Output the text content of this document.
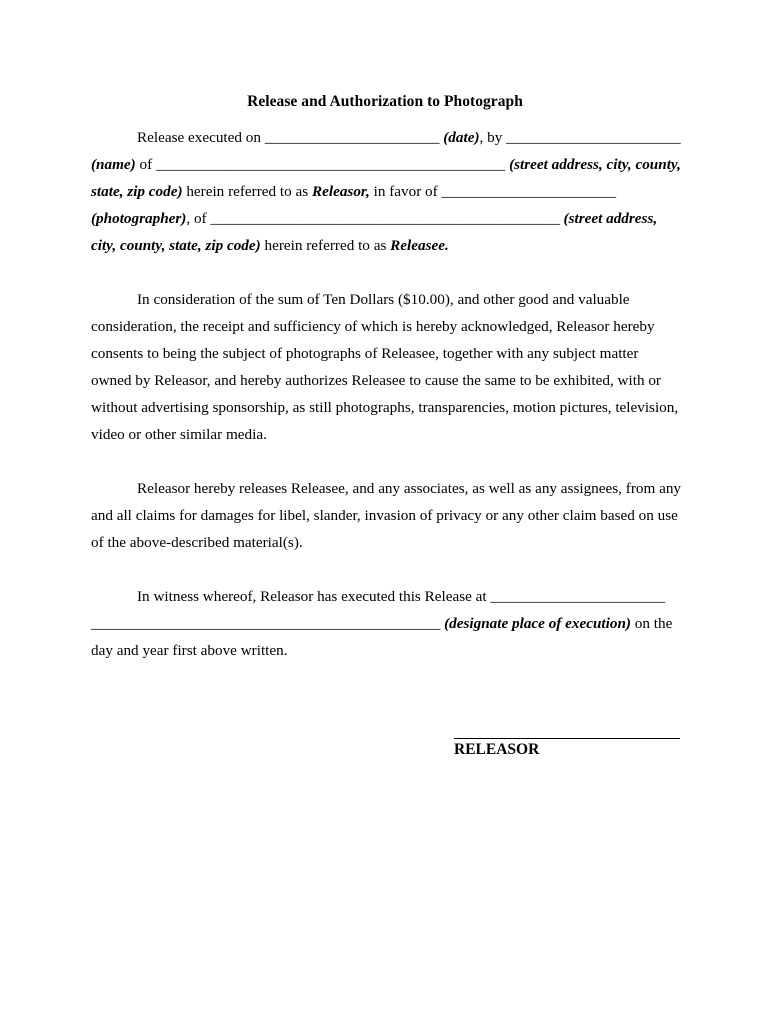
Release and Authorization to Photograph
Release executed on _______________________ (date), by _______________________
(name) of ______________________________________________ (street address, city, county,
state, zip code) herein referred to as Releasor, in favor of _______________________
(photographer), of ______________________________________________ (street address,
city, county, state, zip code) herein referred to as Releasee.
In consideration of the sum of Ten Dollars ($10.00), and other good and valuable
consideration, the receipt and sufficiency of which is hereby acknowledged, Releasor hereby
consents to being the subject of photographs of Releasee, together with any subject matter
owned by Releasor, and hereby authorizes Releasee to cause the same to be exhibited, with or
without advertising sponsorship, as still photographs, transparencies, motion pictures, television,
video or other similar media.
Releasor hereby releases Releasee, and any associates, as well as any assignees, from any
and all claims for damages for libel, slander, invasion of privacy or any other claim based on use
of the above-described material(s).
In witness whereof, Releasor has executed this Release at _______________________
______________________________________________ (designate place of execution) on the
day and year first above written.
RELEASOR
